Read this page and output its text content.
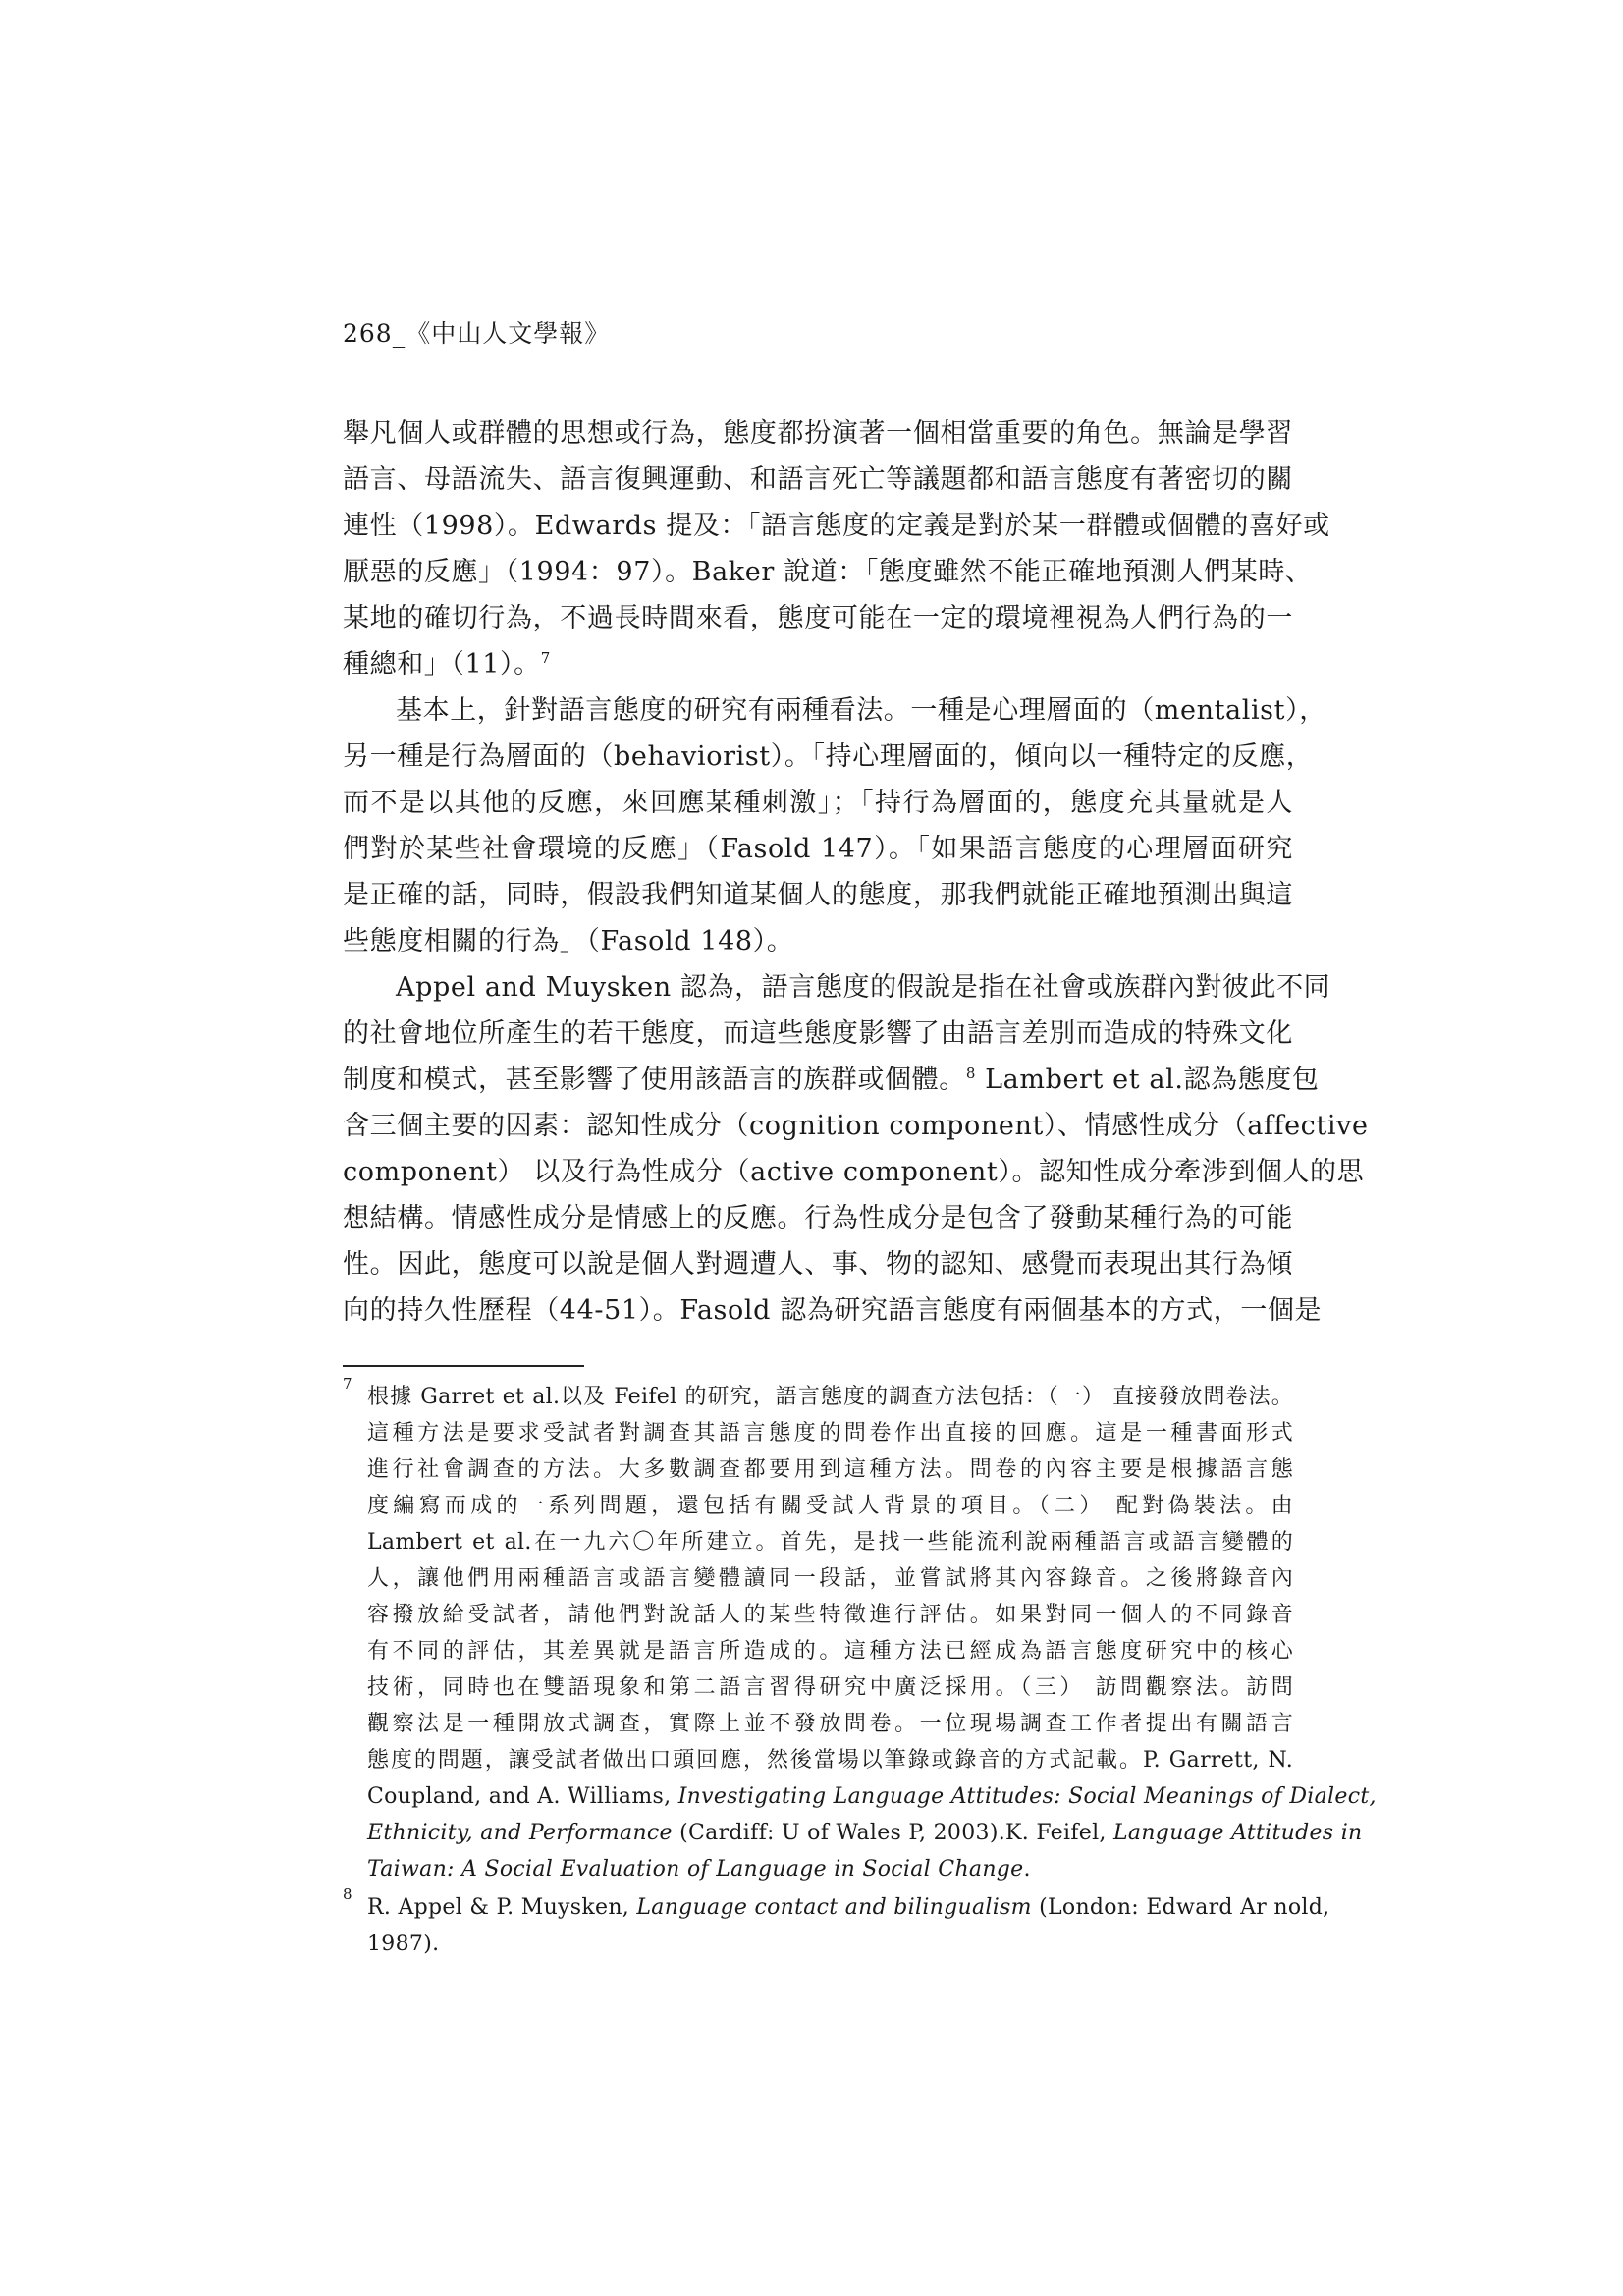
268_《中山人文學報》
舉凡個人或群體的思想或行為，態度都扮演著一個相當重要的角色。無論是學習
語言、母語流失、語言復興運動、和語言死亡等議題都和語言態度有著密切的關
連性（1998）。Edwards 提及：「語言態度的定義是對於某一群體或個體的喜好或
厭惡的反應」（1994：97）。Baker 說道：「態度雖然不能正確地預測人們某時、
某地的確切行為，不過長時間來看，態度可能在一定的環境裡視為人們行為的一
種總和」（11）。$^7$
基本上，針對語言態度的研究有兩種看法。一種是心理層面的（mentalist），
另一種是行為層面的（behaviorist）。「持心理層面的，傾向以一種特定的反應，
而不是以其他的反應，來回應某種刺激」；「持行為層面的，態度充其量就是人
們對於某些社會環境的反應」（Fasold 147）。「如果語言態度的心理層面研究
是正確的話，同時，假設我們知道某個人的態度，那我們就能正確地預測出與這
些態度相關的行為」（Fasold 148）。
Appel and Muysken 認為，語言態度的假說是指在社會或族群內對彼此不同
的社會地位所產生的若干態度，而這些態度影響了由語言差別而造成的特殊文化
制度和模式，甚至影響了使用該語言的族群或個體。$^8$ Lambert et al.認為態度包
含三個主要的因素：認知性成分（cognition component）、情感性成分（affective
component） 以及行為性成分（active component）。認知性成分牽涉到個人的思
想結構。情感性成分是情感上的反應。行為性成分是包含了發動某種行為的可能
性。因此，態度可以說是個人對週遭人、事、物的認知、感覺而表現出其行為傾
向的持久性歷程（44-51）。Fasold 認為研究語言態度有兩個基本的方式，一個是
7
根據 Garret et al.以及 Feifel 的研究，語言態度的調查方法包括：（一） 直接發放問卷法。
這種方法是要求受試者對調查其語言態度的問卷作出直接的回應。這是一種書面形式
進行社會調查的方法。大多數調查都要用到這種方法。問卷的內容主要是根據語言態
度編寫而成的一系列問題，還包括有關受試人背景的項目。（二） 配對偽裝法。由
Lambert et al.在一九六〇年所建立。首先，是找一些能流利說兩種語言或語言變體的
人，讓他們用兩種語言或語言變體讀同一段話，並嘗試將其內容錄音。之後將錄音內
容撥放給受試者，請他們對說話人的某些特徵進行評估。如果對同一個人的不同錄音
有不同的評估，其差異就是語言所造成的。這種方法已經成為語言態度研究中的核心
技術，同時也在雙語現象和第二語言習得研究中廣泛採用。（三） 訪問觀察法。訪問
觀察法是一種開放式調查，實際上並不發放問卷。一位現場調查工作者提出有關語言
態度的問題，讓受試者做出口頭回應，然後當場以筆錄或錄音的方式記載。P. Garrett, N.
Coupland, and A. Williams, Investigating Language Attitudes: Social Meanings of Dialect,
Ethnicity, and Performance (Cardiff: U of Wales P, 2003).K. Feifel, Language Attitudes in
Taiwan: A Social Evaluation of Language in Social Change.
8
R. Appel & P. Muysken, Language contact and bilingualism (London: Edward Ar nold,
1987).
